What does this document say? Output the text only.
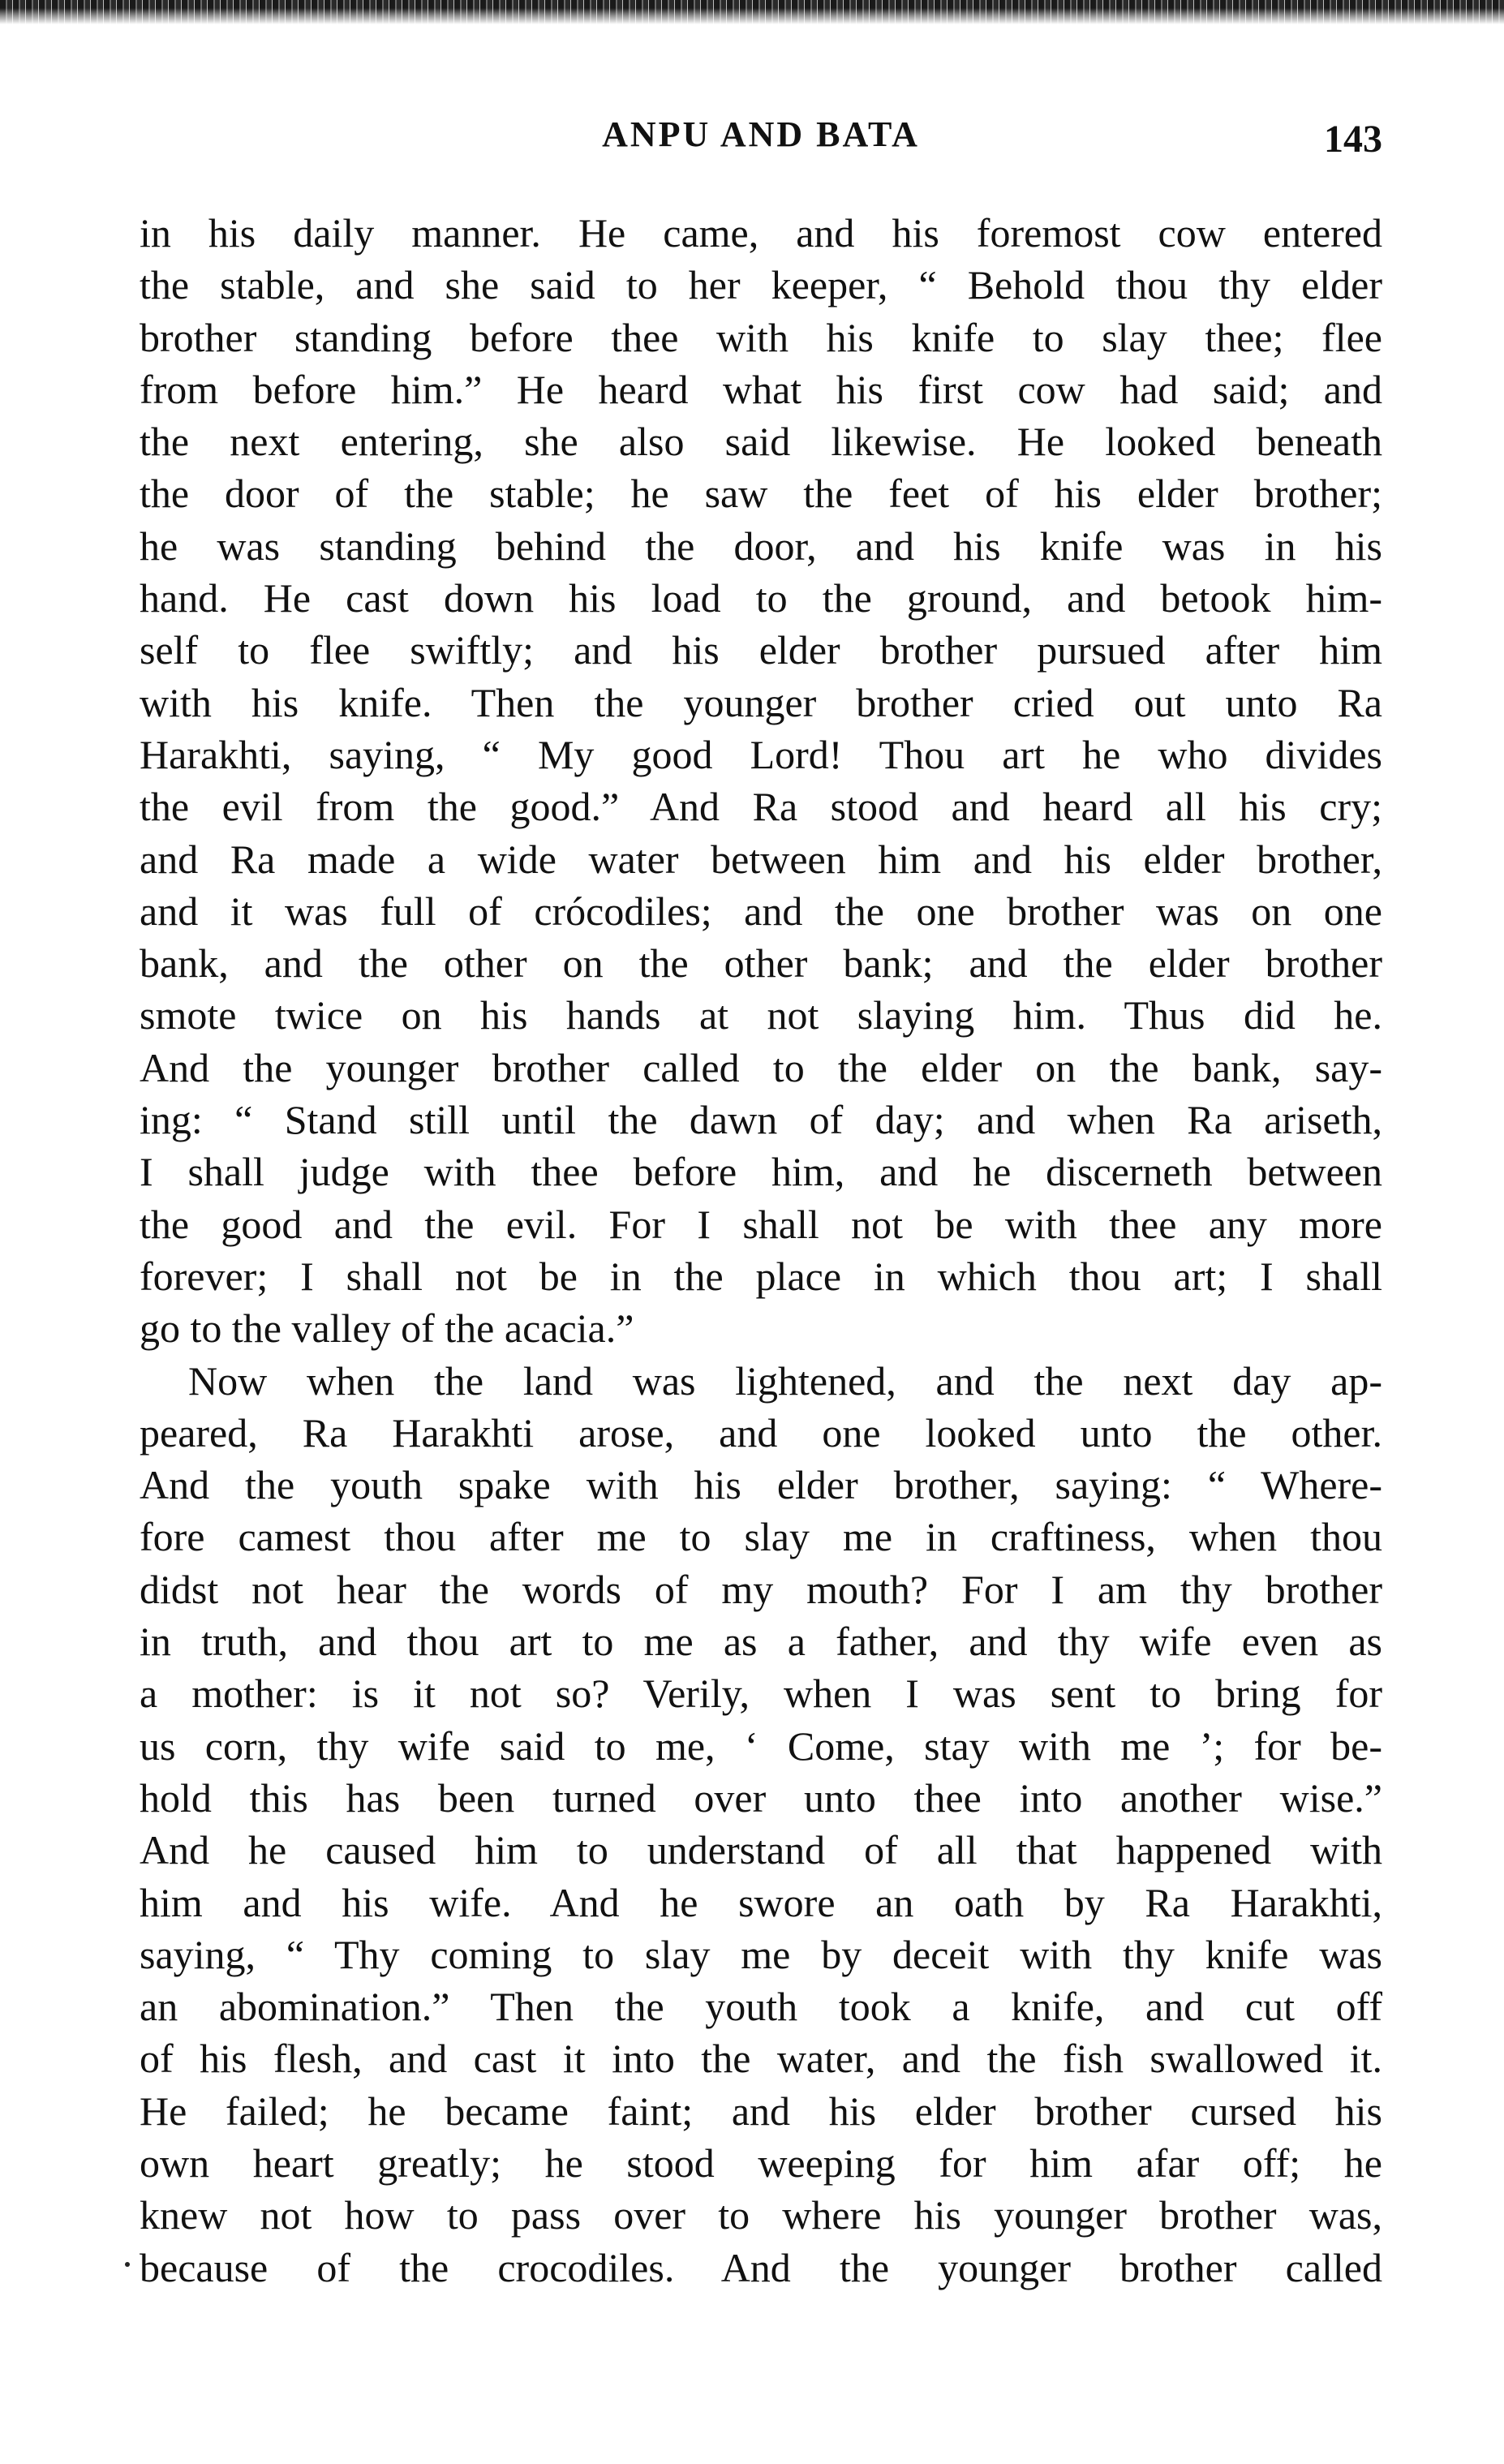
ANPU AND BATA	143
in his daily manner. He came, and his foremost cow entered
the stable, and she said to her keeper, “ Behold thou thy elder
brother standing before thee with his knife to slay thee; flee
from before him.” He heard what his first cow had said; and
the next entering, she also said likewise. He looked beneath
the door of the stable; he saw the feet of his elder brother;
he was standing behind the door, and his knife was in his
hand. He cast down his load to the ground, and betook him-
self to flee swiftly; and his elder brother pursued after him
with his knife. Then the younger brother cried out unto Ra
Harakhti, saying, “ My good Lord! Thou art he who divides
the evil from the good.” And Ra stood and heard all his cry;
and Ra made a wide water between him and his elder brother,
and it was full of crócodiles; and the one brother was on one
bank, and the other on the other bank; and the elder brother
smote twice on his hands at not slaying him. Thus did he.
And the younger brother called to the elder on the bank, say-
ing: “ Stand still until the dawn of day; and when Ra ariseth,
I shall judge with thee before him, and he discerneth between
the good and the evil. For I shall not be with thee any more
forever; I shall not be in the place in which thou art; I shall
go to the valley of the acacia.”
Now when the land was lightened, and the next day ap-
peared, Ra Harakhti arose, and one looked unto the other.
And the youth spake with his elder brother, saying: “ Where-
fore camest thou after me to slay me in craftiness, when thou
didst not hear the words of my mouth? For I am thy brother
in truth, and thou art to me as a father, and thy wife even as
a mother: is it not so? Verily, when I was sent to bring for
us corn, thy wife said to me, ‘ Come, stay with me ’; for be-
hold this has been turned over unto thee into another wise.”
And he caused him to understand of all that happened with
him and his wife. And he swore an oath by Ra Harakhti,
saying, “ Thy coming to slay me by deceit with thy knife was
an abomination.” Then the youth took a knife, and cut off
of his flesh, and cast it into the water, and the fish swallowed it.
He failed; he became faint; and his elder brother cursed his
own heart greatly; he stood weeping for him afar off; he
knew not how to pass over to where his younger brother was,
because of the crocodiles. And the younger brother called
